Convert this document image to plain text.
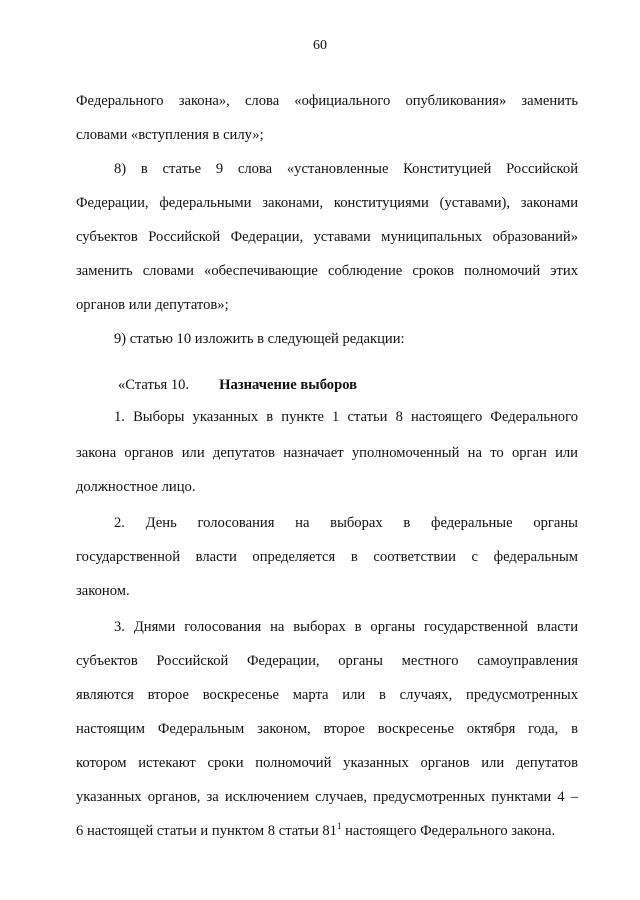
60
Федерального закона», слова «официального опубликования» заменить
словами «вступления в силу»;
8) в статье 9 слова «установленные Конституцией Российской
Федерации, федеральными законами, конституциями (уставами), законами
субъектов Российской Федерации, уставами муниципальных образований»
заменить словами «обеспечивающие соблюдение сроков полномочий этих
органов или депутатов»;
9) статью 10 изложить в следующей редакции:
«Статья 10. Назначение выборов
1. Выборы указанных в пункте 1 статьи 8 настоящего Федерального
закона органов или депутатов назначает уполномоченный на то орган или
должностное лицо.
2. День голосования на выборах в федеральные органы
государственной власти определяется в соответствии с федеральным
законом.
3. Днями голосования на выборах в органы государственной власти
субъектов Российской Федерации, органы местного самоуправления
являются второе воскресенье марта или в случаях, предусмотренных
настоящим Федеральным законом, второе воскресенье октября года, в
котором истекают сроки полномочий указанных органов или депутатов
указанных органов, за исключением случаев, предусмотренных пунктами 4 –
6 настоящей статьи и пунктом 8 статьи $81^1$ настоящего Федерального закона.
